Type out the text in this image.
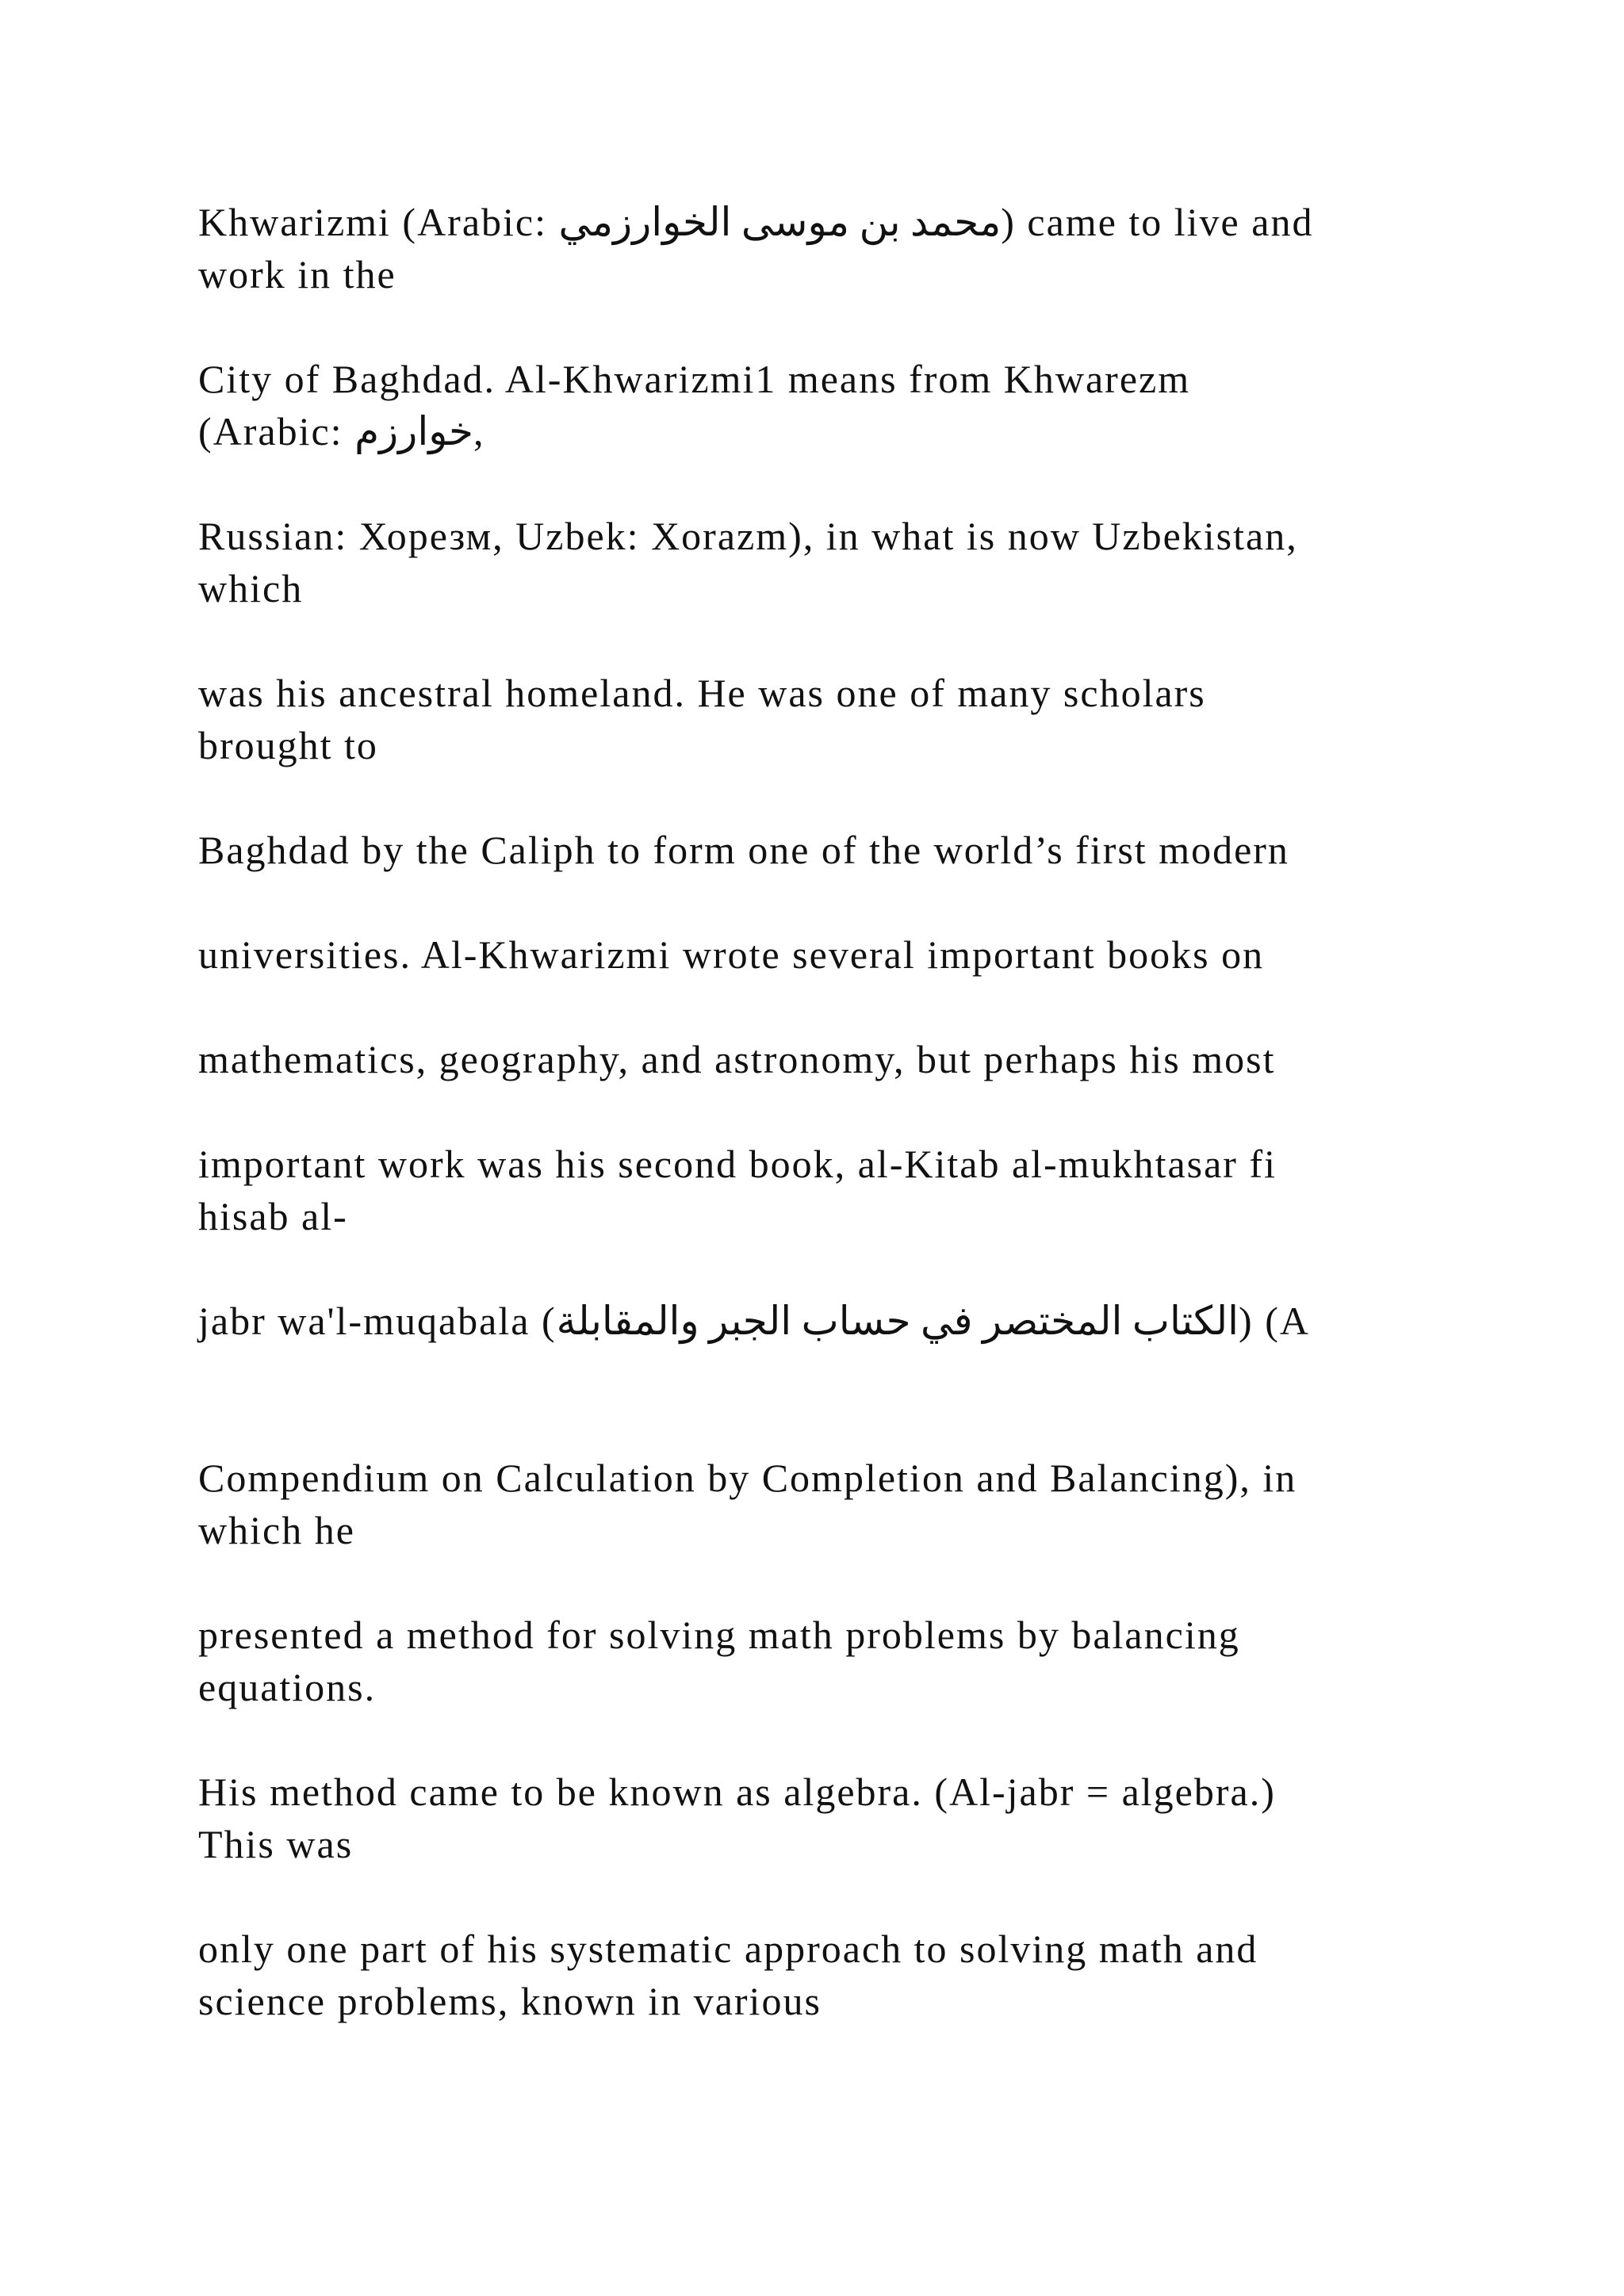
Khwarizmi (Arabic: محمد بن موسى الخوارزمي) came to live and
work in the

City of Baghdad. Al-Khwarizmi1 means from Khwarezm
(Arabic: خوارزم,

Russian: Хорезм, Uzbek: Xorazm), in what is now Uzbekistan,
which

was his ancestral homeland. He was one of many scholars
brought to

Baghdad by the Caliph to form one of the world’s first modern

universities. Al-Khwarizmi wrote several important books on

mathematics, geography, and astronomy, but perhaps his most

important work was his second book, al-Kitab al-mukhtasar fi
hisab al-

jabr wa'l-muqabala (الكتاب المختصر في حساب الجبر والمقابلة) (A

Compendium on Calculation by Completion and Balancing), in
which he

presented a method for solving math problems by balancing
equations.

His method came to be known as algebra. (Al-jabr = algebra.)
This was

only one part of his systematic approach to solving math and
science problems, known in various
